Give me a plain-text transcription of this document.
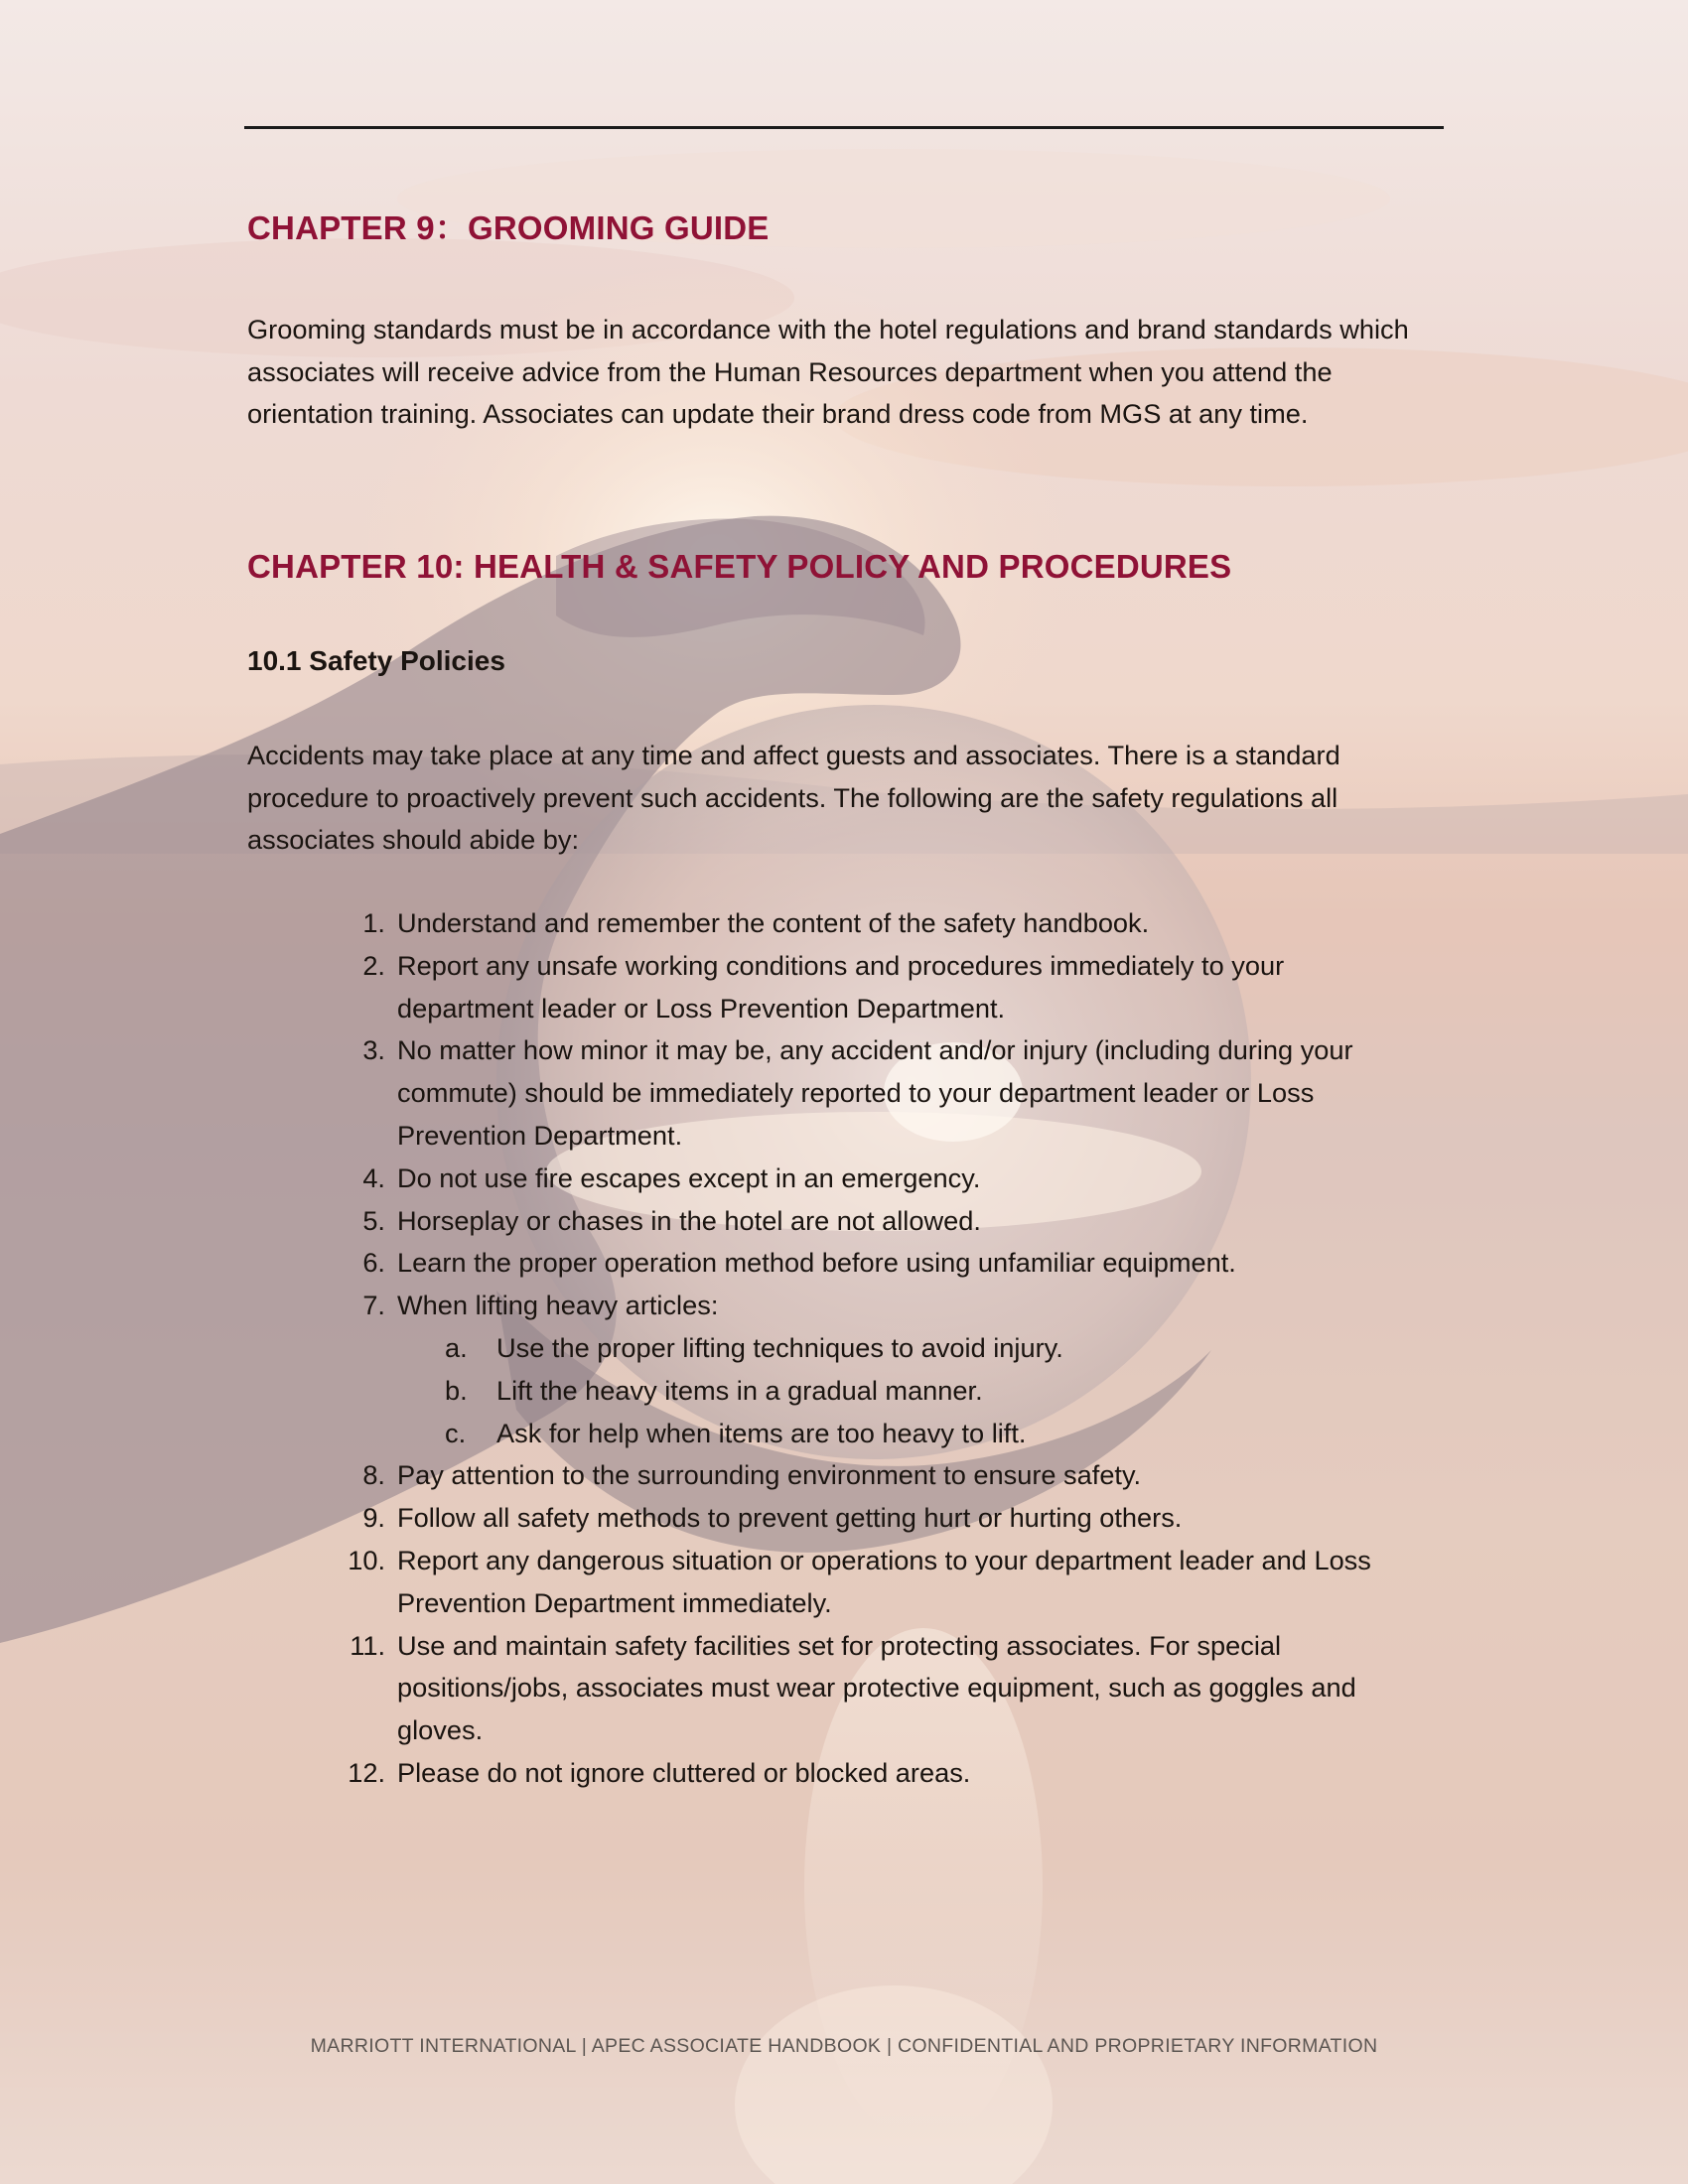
CHAPTER 9：GROOMING GUIDE

Grooming standards must be in accordance with the hotel regulations and brand standards which associates will receive advice from the Human Resources department when you attend the orientation training. Associates can update their brand dress code from MGS at any time.

CHAPTER 10: HEALTH & SAFETY POLICY AND PROCEDURES
10.1 Safety Policies

Accidents may take place at any time and affect guests and associates. There is a standard procedure to proactively prevent such accidents. The following are the safety regulations all associates should abide by:

1. Understand and remember the content of the safety handbook.
2. Report any unsafe working conditions and procedures immediately to your department leader or Loss Prevention Department.
3. No matter how minor it may be, any accident and/or injury (including during your commute) should be immediately reported to your department leader or Loss Prevention Department.
4. Do not use fire escapes except in an emergency.
5. Horseplay or chases in the hotel are not allowed.
6. Learn the proper operation method before using unfamiliar equipment.
7. When lifting heavy articles:
a. Use the proper lifting techniques to avoid injury.
b. Lift the heavy items in a gradual manner.
c.	Ask for help when items are too heavy to lift.
8. Pay attention to the surrounding environment to ensure safety.
9. Follow all safety methods to prevent getting hurt or hurting others.
10. Report any dangerous situation or operations to your department leader and Loss Prevention Department immediately.
11. Use and maintain safety facilities set for protecting associates. For special positions/jobs, associates must wear protective equipment, such as goggles and gloves.
12. Please do not ignore cluttered or blocked areas.
MARRIOTT INTERNATIONAL | APEC ASSOCIATE HANDBOOK | CONFIDENTIAL AND PROPRIETARY INFORMATION
